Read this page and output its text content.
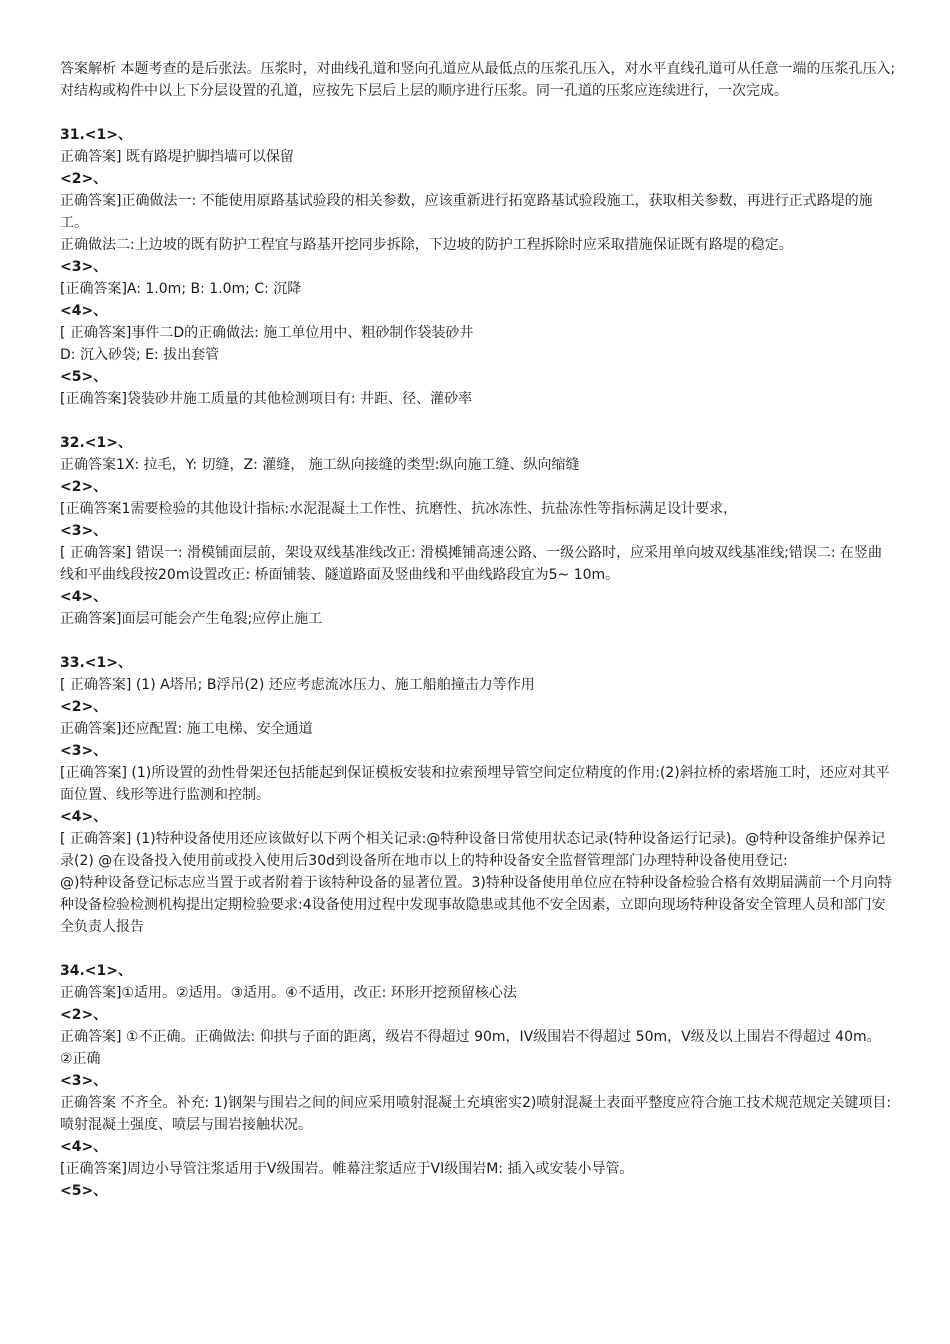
答案解析 本题考查的是后张法。压浆时，对曲线孔道和竖向孔道应从最低点的压浆孔压入，对水平直线孔道可从任意一端的压浆孔压入;对结构或构件中以上下分层设置的孔道，应按先下层后上层的顺序进行压浆。同一孔道的压浆应连续进行，一次完成。

31.<1>、

正确答案] 既有路堤护脚挡墙可以保留

<2>、

正确答案]正确做法一: 不能使用原路基试验段的相关参数，应该重新进行拓宽路基试验段施工，获取相关参数，再进行正式路堤的施工。

正确做法二:上边坡的既有防护工程宜与路基开挖同步拆除，下边坡的防护工程拆除时应采取措施保证既有路堤的稳定。

<3>、

[正确答案]A: 1.0m; B: 1.0m; C: 沉降

<4>、

[ 正确答案]事件二D的正确做法: 施工单位用中、粗砂制作袋装砂井

D: 沉入砂袋; E: 拔出套管

<5>、

[正确答案]袋装砂井施工质量的其他检测项目有: 井距、径、灌砂率

32.<1>、

正确答案1X: 拉毛，Y: 切缝，Z: 灌缝， 施工纵向接缝的类型:纵向施工缝、纵向缩缝

<2>、

[正确答案1需要检验的其他设计指标:水泥混凝土工作性、抗磨性、抗冰冻性、抗盐冻性等指标满足设计要求，

<3>、

[ 正确答案] 错误一: 滑模铺面层前，架设双线基准线改正: 滑模摊铺高速公路、一级公路时，应采用单向坡双线基准线;错误二: 在竖曲线和平曲线段按20m设置改正: 桥面铺装、隧道路面及竖曲线和平曲线路段宜为5~ 10m。

<4>、

正确答案]面层可能会产生龟裂;应停止施工

33.<1>、

[ 正确答案] (1) A塔吊; B浮吊(2) 还应考虑流冰压力、施工船舶撞击力等作用

<2>、

正确答案]还应配置: 施工电梯、安全通道

<3>、

[正确答案] (1)所设置的劲性骨架还包括能起到保证模板安装和拉索预埋导管空间定位精度的作用:(2)斜拉桥的索塔施工时，还应对其平面位置、线形等进行监测和控制。

<4>、

[ 正确答案] (1)特种设备使用还应该做好以下两个相关记录:@特种设备日常使用状态记录(特种设备运行记录)。@特种设备维护保养记录(2) @在设备投入使用前或投入使用后30d到设备所在地市以上的特种设备安全监督管理部门办理特种设备使用登记:

@)特种设备登记标志应当置于或者附着于该特种设备的显著位置。3)特种设备使用单位应在特种设备检验合格有效期届满前一个月向特种设备检验检测机构提出定期检验要求:4设备使用过程中发现事故隐患或其他不安全因素，立即向现场特种设备安全管理人员和部门安全负责人报告

34.<1>、

正确答案]①适用。②适用。③适用。④不适用，改正: 环形开挖预留核心法

<2>、

正确答案] ①不正确。正确做法: 仰拱与子面的距离，级岩不得超过 90m，IV级围岩不得超过 50m，V级及以上围岩不得超过 40m。

②正确

<3>、

正确答案 不齐全。补充: 1)钢架与围岩之间的间应采用喷射混凝土充填密实2)喷射混凝土表面平整度应符合施工技术规范规定关键项目: 喷射混凝土强度、喷层与围岩接触状况。

<4>、

[正确答案]周边小导管注浆适用于V级围岩。帷幕注浆适应于VI级围岩M: 插入或安装小导管。

<5>、
